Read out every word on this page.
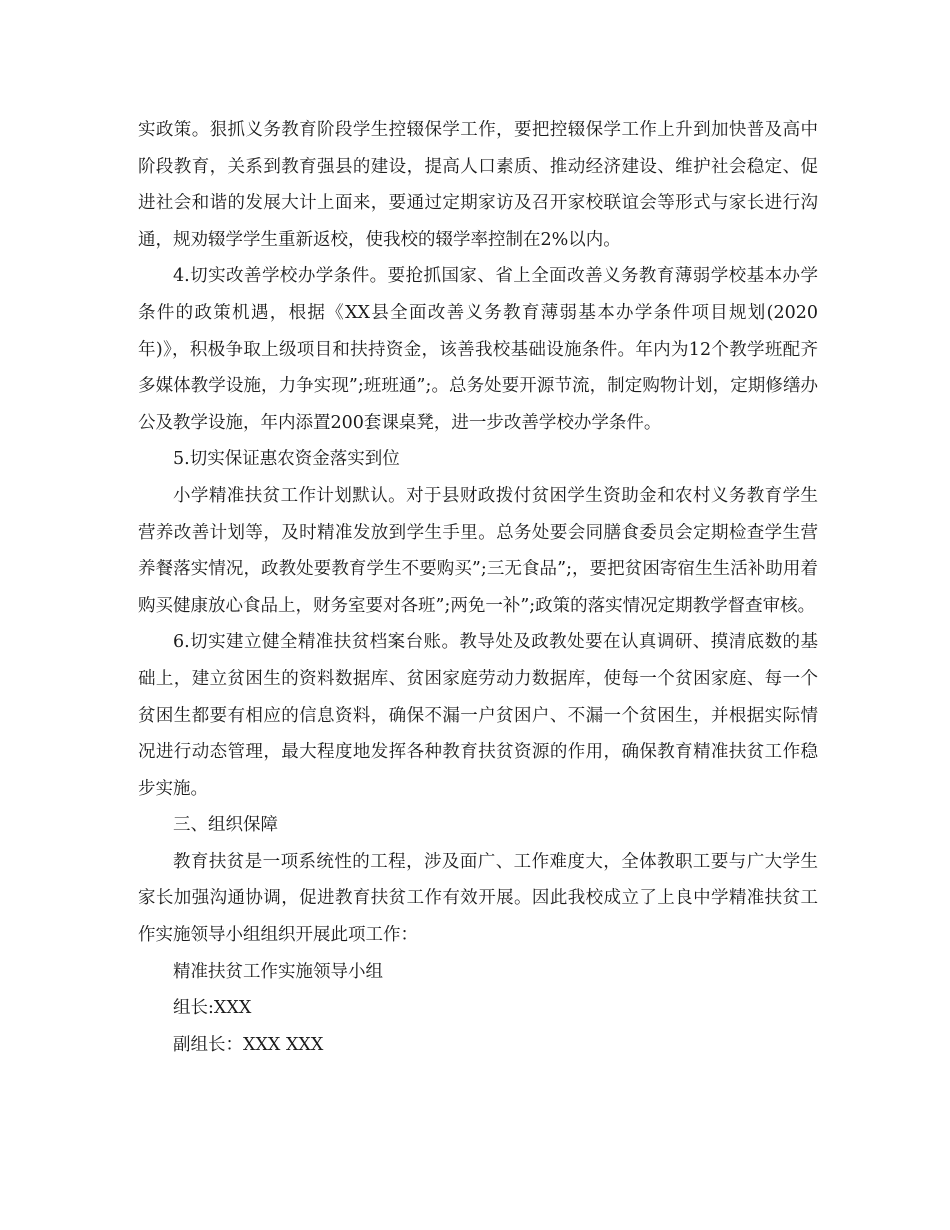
实政策。狠抓义务教育阶段学生控辍保学工作，要把控辍保学工作上升到加快普及高中阶段教育，关系到教育强县的建设，提高人口素质、推动经济建设、维护社会稳定、促进社会和谐的发展大计上面来，要通过定期家访及召开家校联谊会等形式与家长进行沟通，规劝辍学学生重新返校，使我校的辍学率控制在2%以内。

4.切实改善学校办学条件。要抢抓国家、省上全面改善义务教育薄弱学校基本办学条件的政策机遇，根据《XX县全面改善义务教育薄弱基本办学条件项目规划(2020年)》，积极争取上级项目和扶持资金，该善我校基础设施条件。年内为12个教学班配齐多媒体教学设施，力争实现”;班班通”;。总务处要开源节流，制定购物计划，定期修缮办公及教学设施，年内添置200套课桌凳，进一步改善学校办学条件。

5.切实保证惠农资金落实到位

小学精准扶贫工作计划默认。对于县财政拨付贫困学生资助金和农村义务教育学生营养改善计划等，及时精准发放到学生手里。总务处要会同膳食委员会定期检查学生营养餐落实情况，政教处要教育学生不要购买”;三无食品”;，要把贫困寄宿生生活补助用着购买健康放心食品上，财务室要对各班”;两免一补”;政策的落实情况定期教学督查审核。

6.切实建立健全精准扶贫档案台账。教导处及政教处要在认真调研、摸清底数的基础上，建立贫困生的资料数据库、贫困家庭劳动力数据库，使每一个贫困家庭、每一个贫困生都要有相应的信息资料，确保不漏一户贫困户、不漏一个贫困生，并根据实际情况进行动态管理，最大程度地发挥各种教育扶贫资源的作用，确保教育精准扶贫工作稳步实施。

三、组织保障

教育扶贫是一项系统性的工程，涉及面广、工作难度大，全体教职工要与广大学生家长加强沟通协调，促进教育扶贫工作有效开展。因此我校成立了上良中学精准扶贫工作实施领导小组组织开展此项工作：

精准扶贫工作实施领导小组

组长:XXX

副组长：XXX XXX
